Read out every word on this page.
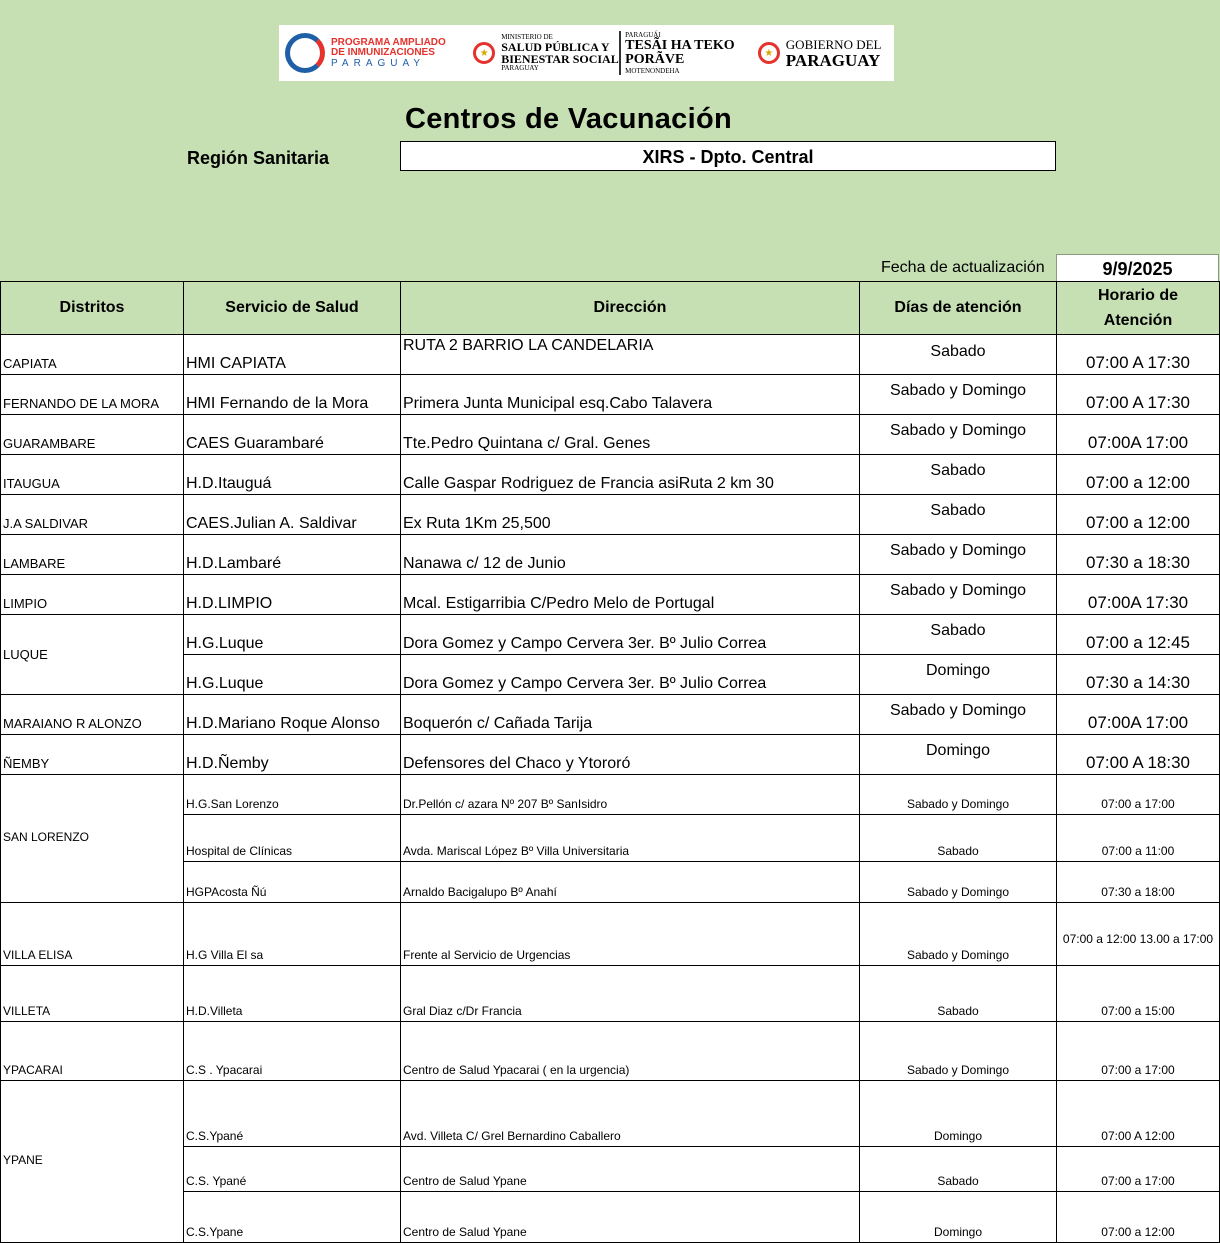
PROGRAMA AMPLIADO
DE INMUNIZACIONES
PARAGUAY
★
MINISTERIO DE
SALUD PÚBLICA Y
BIENESTAR SOCIAL
PARAGUAY
PARAGUÁI
TESÃI HA TEKO
PORÃVE
MOTENONDEHA
★
GOBIERNO DEL
PARAGUAY
Centros de Vacunación
Región Sanitaria	XIRS - Dpto. Central
Fecha de actualización	9/9/2025
Distritos	Servicio de Salud	Dirección	Días de atención	Horario de
Atención
CAPIATA	HMI CAPIATA	RUTA 2 BARRIO LA CANDELARIA	Sabado	07:00 A 17:30
FERNANDO DE LA MORA	HMI Fernando de la Mora	Primera Junta Municipal esq.Cabo Talavera	Sabado y Domingo	07:00 A 17:30
GUARAMBARE	CAES Guarambaré	Tte.Pedro Quintana c/ Gral. Genes	Sabado y Domingo	07:00A 17:00
ITAUGUA	H.D.Itauguá	Calle Gaspar Rodriguez de Francia asiRuta 2 km 30	Sabado	07:00 a 12:00
J.A SALDIVAR	CAES.Julian A. Saldivar	Ex Ruta 1Km 25,500	Sabado	07:00 a 12:00
LAMBARE	H.D.Lambaré	Nanawa c/ 12 de Junio	Sabado y Domingo	07:30 a 18:30
LIMPIO	H.D.LIMPIO	Mcal. Estigarribia C/Pedro Melo de Portugal	Sabado y Domingo	07:00A 17:30
LUQUE	H.G.Luque	Dora Gomez y Campo Cervera 3er. Bº Julio Correa	Sabado	07:00 a 12:45
	H.G.Luque	Dora Gomez y Campo Cervera 3er. Bº Julio Correa	Domingo	07:30 a 14:30
MARAIANO R ALONZO	H.D.Mariano Roque Alonso	Boquerón c/ Cañada Tarija	Sabado y Domingo	07:00A 17:00
ÑEMBY	H.D.Ñemby	Defensores del Chaco y Ytororó	Domingo	07:00 A 18:30
SAN LORENZO	H.G.San Lorenzo	Dr.Pellón c/ azara Nº 207 Bº SanIsidro	Sabado y Domingo	07:00 a 17:00
	Hospital de Clínicas	Avda. Mariscal López Bº Villa Universitaria	Sabado	07:00 a 11:00
	HGPAcosta Ñú	Arnaldo Bacigalupo Bº Anahí	Sabado y Domingo	07:30 a 18:00
VILLA ELISA	H.G Villa El sa	Frente al Servicio de Urgencias	Sabado y Domingo	07:00 a 12:00 13.00 a 17:00
VILLETA	H.D.Villeta	Gral Diaz c/Dr Francia	Sabado	07:00 a 15:00
YPACARAI	C.S . Ypacarai	Centro de Salud Ypacarai ( en la urgencia)	Sabado y Domingo	07:00 a 17:00
YPANE	C.S.Ypané	Avd. Villeta C/ Grel Bernardino Caballero	Domingo	07:00 A 12:00
	C.S. Ypané	Centro de Salud Ypane	Sabado	07:00 a 17:00
	C.S.Ypane	Centro de Salud Ypane	Domingo	07:00 a 12:00
